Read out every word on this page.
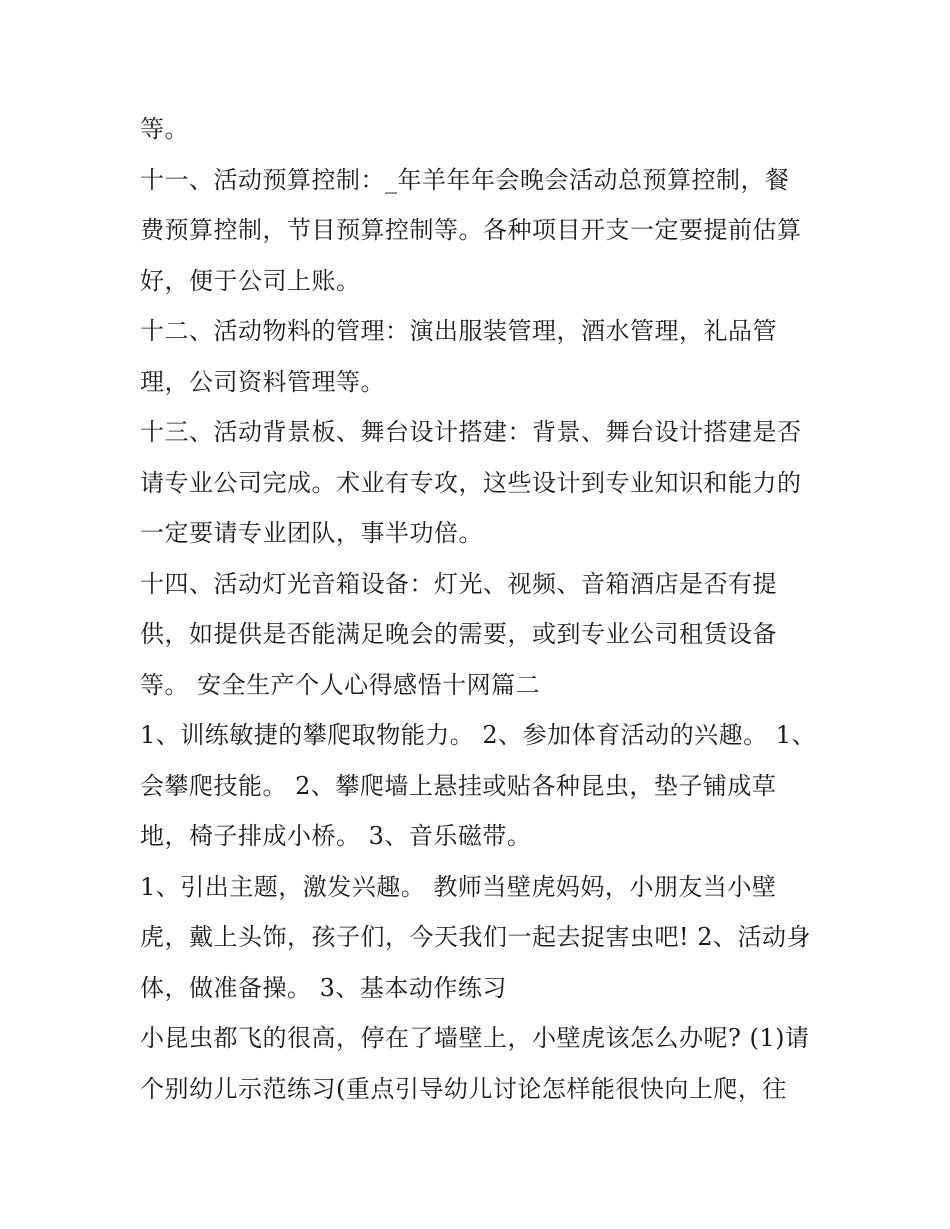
等。
十一、活动预算控制：_年羊年年会晚会活动总预算控制，餐
费预算控制，节目预算控制等。各种项目开支一定要提前估算
好，便于公司上账。
十二、活动物料的管理：演出服装管理，酒水管理，礼品管
理，公司资料管理等。
十三、活动背景板、舞台设计搭建：背景、舞台设计搭建是否
请专业公司完成。术业有专攻，这些设计到专业知识和能力的
一定要请专业团队，事半功倍。
十四、活动灯光音箱设备：灯光、视频、音箱酒店是否有提
供，如提供是否能满足晚会的需要，或到专业公司租赁设备
等。 安全生产个人心得感悟十网篇二
1、训练敏捷的攀爬取物能力。 2、参加体育活动的兴趣。 1、
会攀爬技能。 2、攀爬墙上悬挂或贴各种昆虫，垫子铺成草
地，椅子排成小桥。 3、音乐磁带。
1、引出主题，激发兴趣。 教师当壁虎妈妈，小朋友当小壁
虎，戴上头饰，孩子们，今天我们一起去捉害虫吧! 2、活动身
体，做准备操。 3、基本动作练习
小昆虫都飞的很高，停在了墙壁上，小壁虎该怎么办呢? (1)请
个别幼儿示范练习(重点引导幼儿讨论怎样能很快向上爬，往
